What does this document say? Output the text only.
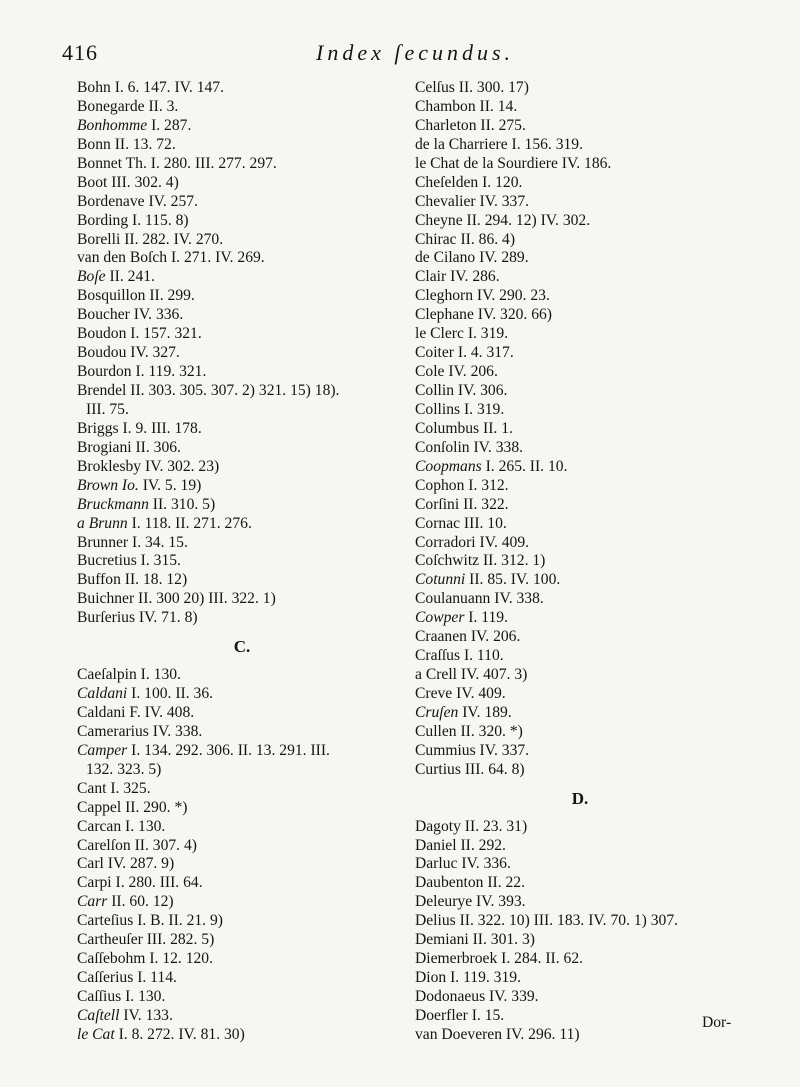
416	Index ſecundus.
Bohn I. 6. 147. IV. 147.
Bonegarde II. 3.
Bonhomme I. 287.
Bonn II. 13. 72.
Bonnet Th. I. 280. III. 277. 297.
Boot III. 302. 4)
Bordenave IV. 257.
Bording I. 115. 8)
Borelli II. 282. IV. 270.
van den Boſch I. 271. IV. 269.
Boſe II. 241.
Bosquillon II. 299.
Boucher IV. 336.
Boudon I. 157. 321.
Boudou IV. 327.
Bourdon I. 119. 321.
Brendel II. 303. 305. 307. 2) 321. 15) 18).
III. 75.
Briggs I. 9. III. 178.
Brogiani II. 306.
Broklesby IV. 302. 23)
Brown Io. IV. 5. 19)
Bruckmann II. 310. 5)
a Brunn I. 118. II. 271. 276.
Brunner I. 34. 15.
Bucretius I. 315.
Buffon II. 18. 12)
Buichner II. 300 20) III. 322. 1)
Burſerius IV. 71. 8)
C.
Caeſalpin I. 130.
Caldani I. 100. II. 36.
Caldani F. IV. 408.
Camerarius IV. 338.
Camper I. 134. 292. 306. II. 13. 291. III.
132. 323. 5)
Cant I. 325.
Cappel II. 290. *)
Carcan I. 130.
Carelſon II. 307. 4)
Carl IV. 287. 9)
Carpi I. 280. III. 64.
Carr II. 60. 12)
Carteſius I. B. II. 21. 9)
Cartheuſer III. 282. 5)
Caſſebohm I. 12. 120.
Caſſerius I. 114.
Caſſius I. 130.
Caſtell IV. 133.
le Cat I. 8. 272. IV. 81. 30)
Celſus II. 300. 17)
Chambon II. 14.
Charleton II. 275.
de la Charriere I. 156. 319.
le Chat de la Sourdiere IV. 186.
Cheſelden I. 120.
Chevalier IV. 337.
Cheyne II. 294. 12) IV. 302.
Chirac II. 86. 4)
de Cilano IV. 289.
Clair IV. 286.
Cleghorn IV. 290. 23.
Clephane IV. 320. 66)
le Clerc I. 319.
Coiter I. 4. 317.
Cole IV. 206.
Collin IV. 306.
Collins I. 319.
Columbus II. 1.
Conſolin IV. 338.
Coopmans I. 265. II. 10.
Cophon I. 312.
Corſini II. 322.
Cornac III. 10.
Corradori IV. 409.
Coſchwitz II. 312. 1)
Cotunni II. 85. IV. 100.
Coulanuann IV. 338.
Cowper I. 119.
Craanen IV. 206.
Craſſus I. 110.
a Crell IV. 407. 3)
Creve IV. 409.
Cruſen IV. 189.
Cullen II. 320. *)
Cummius IV. 337.
Curtius III. 64. 8)
D.
Dagoty II. 23. 31)
Daniel II. 292.
Darluc IV. 336.
Daubenton II. 22.
Deleurye IV. 393.
Delius II. 322. 10) III. 183. IV. 70. 1) 307.
Demiani II. 301. 3)
Diemerbroek I. 284. II. 62.
Dion I. 119. 319.
Dodonaeus IV. 339.
Doerfler I. 15.
van Doeveren IV. 296. 11)
Dor-
